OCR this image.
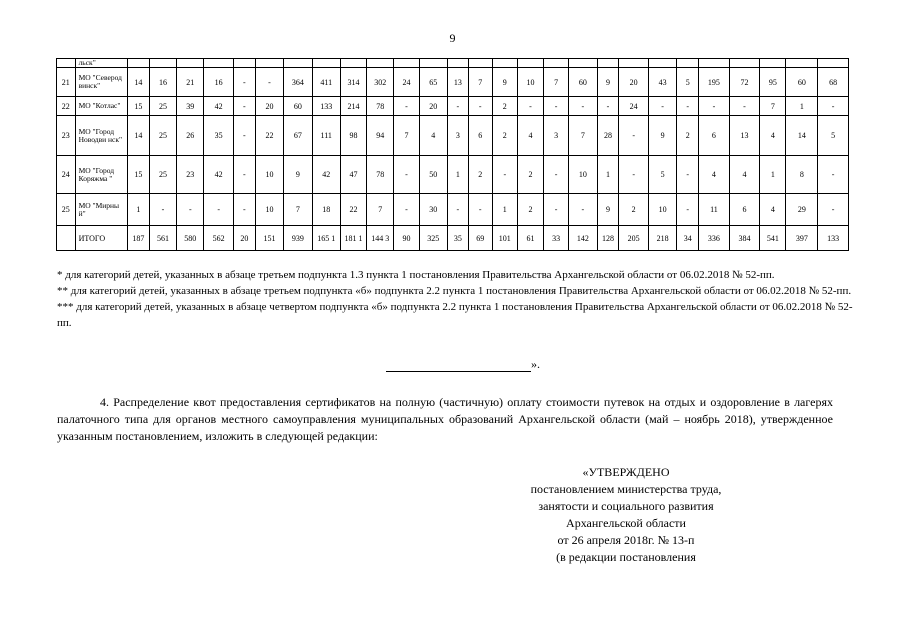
9
	льск"																											
21	МО "Северод винск"	14	16	21	16	-	-	364	411	314	302	24	65	13	7	9	10	7	60	9	20	43	5	195	72	95	60	68
22	МО "Котлас"	15	25	39	42	-	20	60	133	214	78	-	20	-	-	2	-	-	-	-	24	-	-	-	-	7	1	-
23	МО "Город Новодви нск"	14	25	26	35	-	22	67	111	98	94	7	4	3	6	2	4	3	7	28	-	9	2	6	13	4	14	5
24	МО "Город Коряжма "	15	25	23	42	-	10	9	42	47	78	-	50	1	2	-	2	-	10	1	-	5	-	4	4	1	8	-
25	МО "Мирны й"	1	-	-	-	-	10	7	18	22	7	-	30	-	-	1	2	-	-	9	2	10	-	11	6	4	29	-
	ИТОГО	187	561	580	562	20	151	939	165 1	181 1	144 3	90	325	35	69	101	61	33	142	128	205	218	34	336	384	541	397	133

* для категорий детей, указанных в абзаце третьем подпункта 1.3 пункта 1 постановления Правительства Архангельской области от 06.02.2018 № 52-пп.

** для категорий детей, указанных в абзаце третьем подпункта «б» подпункта 2.2 пункта 1 постановления Правительства Архангельской области от 06.02.2018 № 52-пп.

*** для категорий детей, указанных в абзаце четвертом подпункта «б» подпункта 2.2 пункта 1 постановления Правительства Архангельской области от 06.02.2018 № 52-пп.

».
4. Распределение квот предоставления сертификатов на полную (частичную) оплату стоимости путевок на отдых и оздоровление в лагерях палаточного типа для органов местного самоуправления муниципальных образований Архангельской области (май – ноябрь 2018), утвержденное указанным постановлением, изложить в следующей редакции:
«УТВЕРЖДЕНО
постановлением министерства труда,
занятости и социального развития
Архангельской области
от 26 апреля 2018г. № 13-п
(в редакции постановления
